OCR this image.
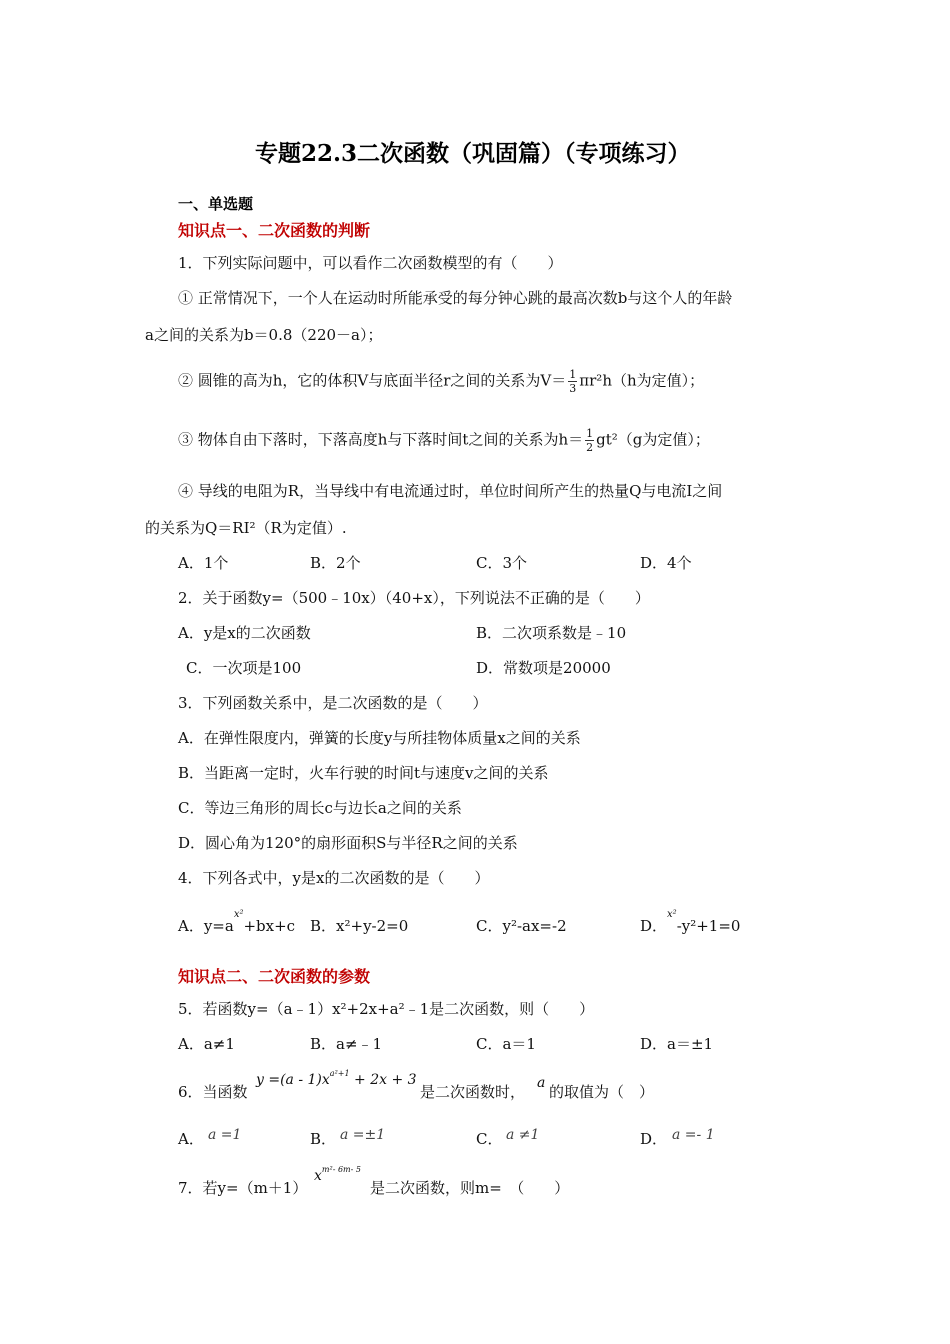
专题22.3二次函数（巩固篇）（专项练习）
一、单选题
知识点一、二次函数的判断
1．下列实际问题中，可以看作二次函数模型的有（　　）
① 正常情况下，一个人在运动时所能承受的每分钟心跳的最高次数b与这个人的年龄
a之间的关系为b＝0.8（220－a）；
② 圆锥的高为h，它的体积V与底面半径r之间的关系为$V= \frac{1}{3} \pi r^2h(h$为定值）；
③ 物体自由下落时，下落高度h与下落时间t之间的关系为$h= \frac{1}{2} gt^2(g$为定值）；
④ 导线的电阻为R，当导线中有电流通过时，单位时间所产生的热量Q与电流I之间
的关系为Q＝RI²（R为定值）.
A．1个	B．2个	C．3个	D．4个
2．关于函数y=（500﹣10x）（40+x），下列说法不正确的是（　　）
A．y是x的二次函数	B．二次项系数是﹣10
C．一次项是100	D．常数项是20000
3．下列函数关系中，是二次函数的是（　　）
A．在弹性限度内，弹簧的长度y与所挂物体质量x之间的关系
B．当距离一定时，火车行驶的时间t与速度v之间的关系
C．等边三角形的周长c与边长a之间的关系
D．圆心角为120°的扇形面积S与半径R之间的关系
4．下列各式中，y是x的二次函数的是（　　）
A．$y=a^{x^2}+bx+c$ B．x²+y-2=0	C．y²-ax=-2	D．$^{x^2}$-y²+1=0
知识点二、二次函数的参数
5．若函数y=（a﹣1）x²+2x+a²﹣1是二次函数，则（　　）
A．a≠1	B．a≠﹣1	C．a＝1	D．a＝±1
6．当函数
$y =(a - 1)x^{a^2+1} + 2x + 3$
是二次函数时， a 的取值为（　）
A． a =1	B． a =±1	C． a ≠1	D． a =- 1
7．若y=（m＋1）
$x^{m^2- 6m- 5}$
是二次函数，则m=　（　　）
